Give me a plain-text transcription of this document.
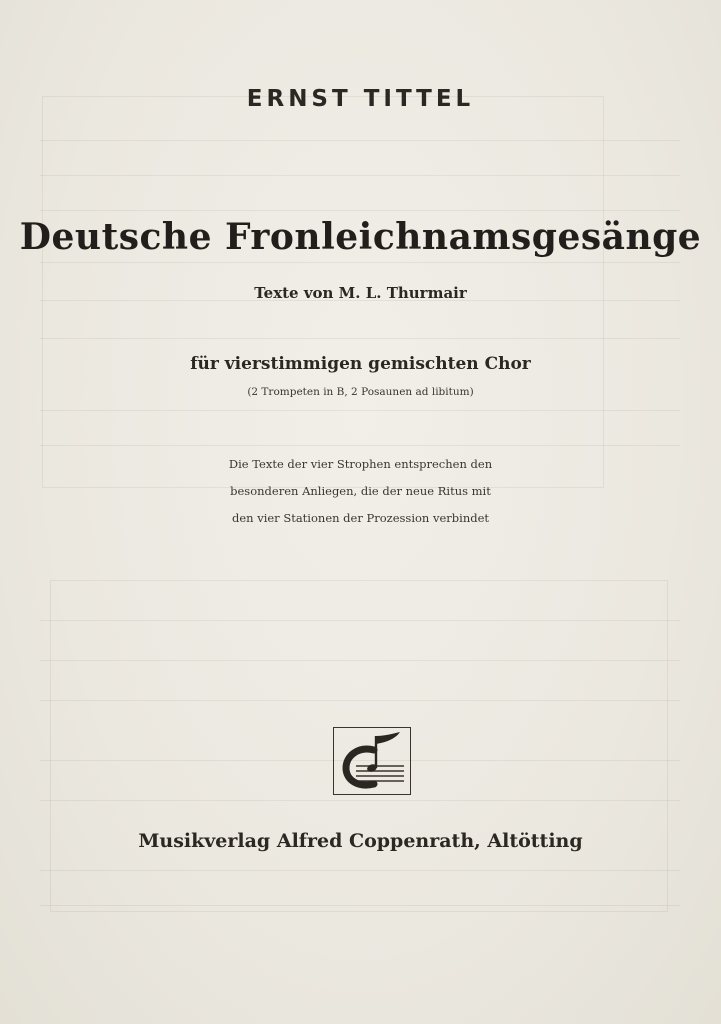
ERNST TITTEL
Deutsche Fronleichnamsgesänge
Texte von M. L. Thurmair
für vierstimmigen gemischten Chor
(2 Trompeten in B, 2 Posaunen ad libitum)
Die Texte der vier Strophen entsprechen den
besonderen Anliegen, die der neue Ritus mit
den vier Stationen der Prozession verbindet
Musikverlag Alfred Coppenrath, Altötting
